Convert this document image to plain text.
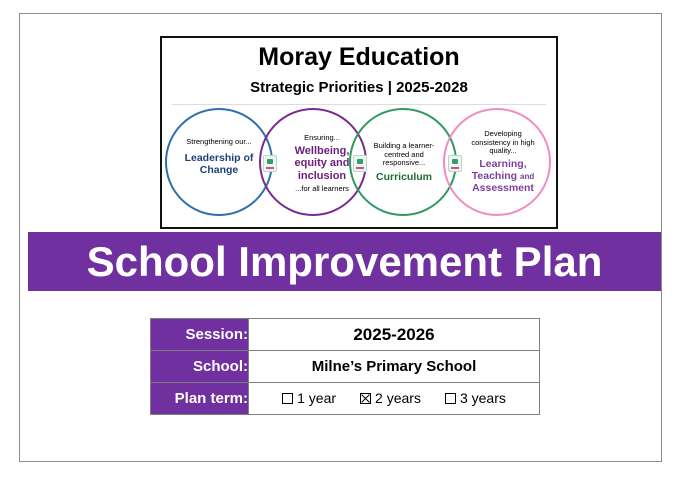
Moray Education
Strategic Priorities | 2025-2028
Strengthening our...
Leadership of Change
Ensuring...
Wellbeing, equity and inclusion
...for all learners
Building a learner-centred and responsive...
Curriculum
Developing consistency in high quality...
Learning, Teaching and Assessment
School Improvement Plan
Session:	2025-2026
School:	Milne’s Primary School
Plan term:	1 year 2 years 3 years
